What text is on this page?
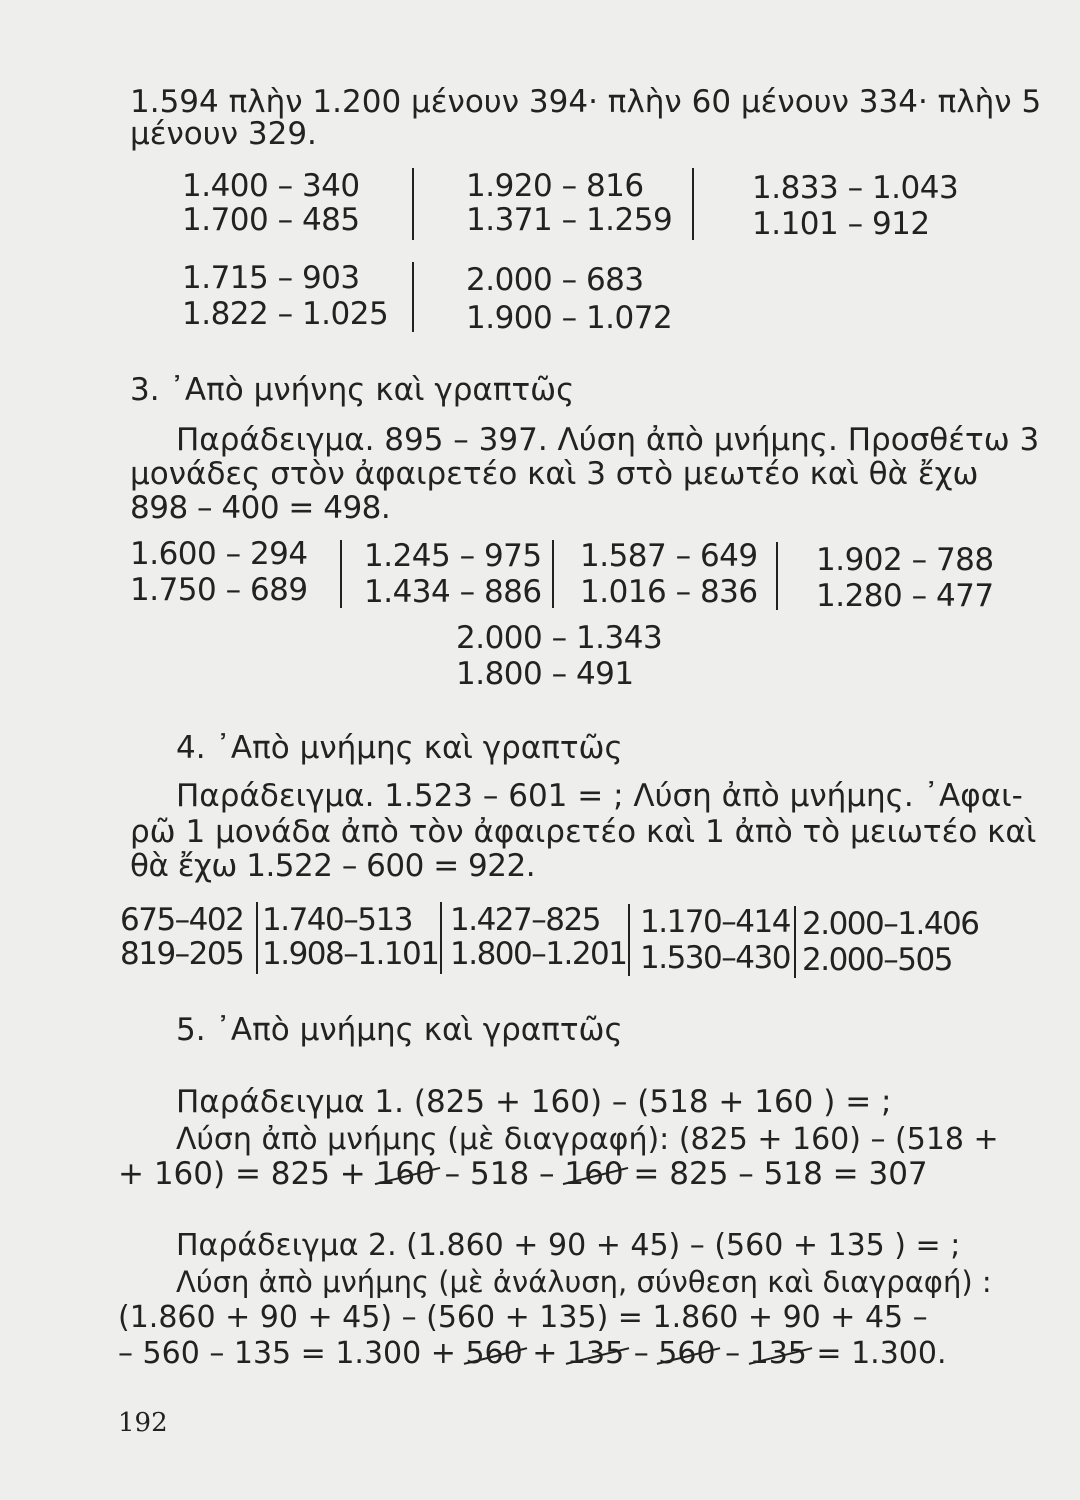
1.594 πλὴν 1.200 μένουν 394· πλὴν 60 μένουν 334· πλὴν 5
μένουν 329.
1.400 – 340
1.700 – 485
1.920 – 816
1.371 – 1.259
1.833 – 1.043
1.101 – 912
1.715 – 903
1.822 – 1.025
2.000 – 683
1.900 – 1.072
3. ᾿Απὸ μνήνης καὶ γραπτῶς
Παράδειγμα. 895 – 397. Λύση ἀπὸ μνήμης. Προσθέτω 3
μονάδες στὸν ἀφαιρετέο καὶ 3 στὸ μεωτέο καὶ θὰ ἔχω
898 – 400 = 498.
1.600 – 294
1.750 – 689
1.245 – 975
1.434 – 886
1.587 – 649
1.016 – 836
1.902 – 788
1.280 – 477
2.000 – 1.343
1.800 – 491
4. ᾿Απὸ μνήμης καὶ γραπτῶς
Παράδειγμα. 1.523 – 601 = ; Λύση ἀπὸ μνήμης. ᾿Αφαι-
ρῶ 1 μονάδα ἀπὸ τὸν ἀφαιρετέο καὶ 1 ἀπὸ τὸ μειωτέο καὶ
θὰ ἔχω 1.522 – 600 = 922.
675–402
819–205
1.740–513
1.908–1.101
1.427–825
1.800–1.201
1.170–414
1.530–430
2.000–1.406
2.000–505
5. ᾿Απὸ μνήμης καὶ γραπτῶς
Παράδειγμα 1. (825 + 160) – (518 + 160 ) = ;
Λύση ἀπὸ μνήμης (μὲ διαγραφή): (825 + 160) – (518 +
+ 160) = 825 + 160 – 518 – 160 = 825 – 518 = 307
Παράδειγμα 2. (1.860 + 90 + 45) – (560 + 135 ) = ;
Λύση ἀπὸ μνήμης (μὲ ἀνάλυση, σύνθεση καὶ διαγραφή) :
(1.860 + 90 + 45) – (560 + 135) = 1.860 + 90 + 45 –
– 560 – 135 = 1.300 + 560 + 135 – 560 – 135 = 1.300.
192
